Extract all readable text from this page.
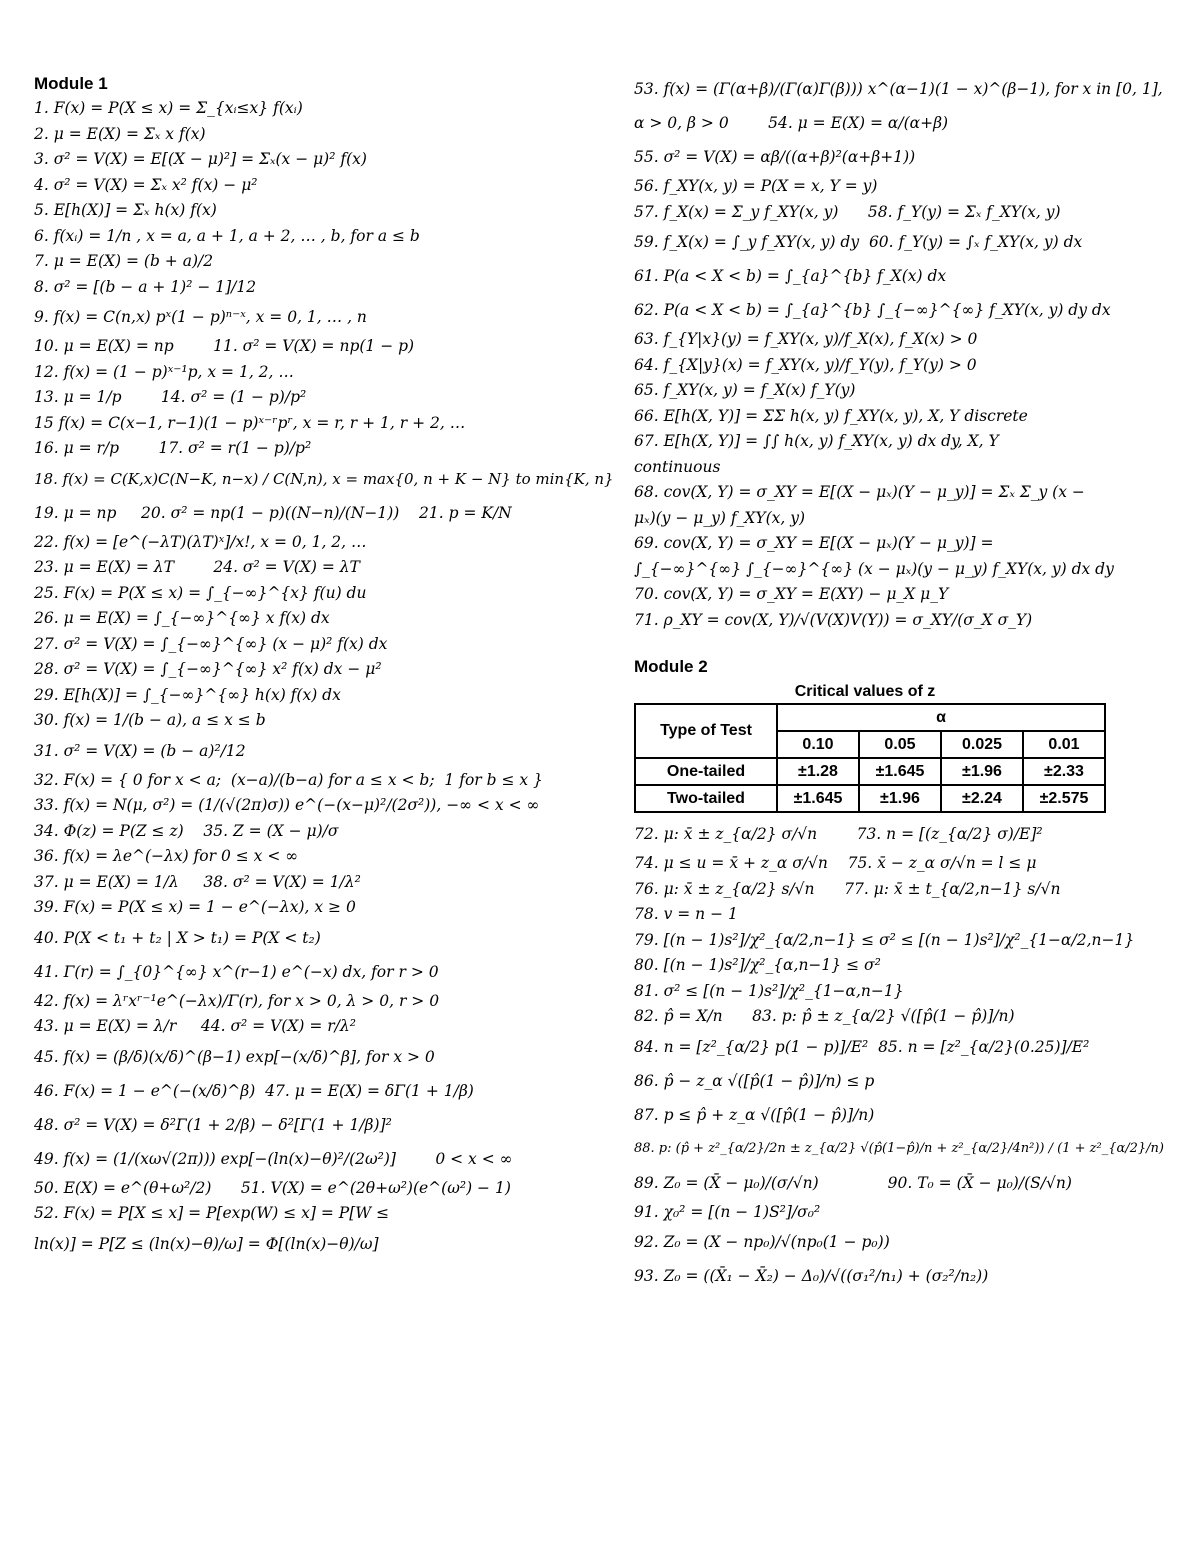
Module 1
1. F(x) = P(X ≤ x) = Σ_{xᵢ≤x} f(xᵢ)
2. μ = E(X) = Σₓ x f(x)
3. σ² = V(X) = E[(X − μ)²] = Σₓ(x − μ)² f(x)
4. σ² = V(X) = Σₓ x² f(x) − μ²
5. E[h(X)] = Σₓ h(x) f(x)
6. f(xᵢ) = 1/n , x = a, a + 1, a + 2, … , b, for a ≤ b
7. μ = E(X) = (b + a)/2
8. σ² = [(b − a + 1)² − 1]/12
9. f(x) = C(n,x) pˣ(1 − p)ⁿ⁻ˣ, x = 0, 1, … , n
10. μ = E(X) = np        11. σ² = V(X) = np(1 − p)
12. f(x) = (1 − p)ˣ⁻¹p, x = 1, 2, …
13. μ = 1/p        14. σ² = (1 − p)/p²
15 f(x) = C(x−1, r−1)(1 − p)ˣ⁻ʳpʳ, x = r, r + 1, r + 2, …
16. μ = r/p        17. σ² = r(1 − p)/p²
18. f(x) = C(K,x)C(N−K, n−x) / C(N,n), x = max{0, n + K − N} to min{K, n}
19. μ = np     20. σ² = np(1 − p)((N−n)/(N−1))    21. p = K/N
22. f(x) = [e^(−λT)(λT)ˣ]/x!, x = 0, 1, 2, …
23. μ = E(X) = λT        24. σ² = V(X) = λT
25. F(x) = P(X ≤ x) = ∫_{−∞}^{x} f(u) du
26. μ = E(X) = ∫_{−∞}^{∞} x f(x) dx
27. σ² = V(X) = ∫_{−∞}^{∞} (x − μ)² f(x) dx
28. σ² = V(X) = ∫_{−∞}^{∞} x² f(x) dx − μ²
29. E[h(X)] = ∫_{−∞}^{∞} h(x) f(x) dx
30. f(x) = 1/(b − a), a ≤ x ≤ b
31. σ² = V(X) = (b − a)²/12
32. F(x) = { 0 for x < a;  (x−a)/(b−a) for a ≤ x < b;  1 for b ≤ x }
33. f(x) = N(μ, σ²) = (1/(√(2π)σ)) e^(−(x−μ)²/(2σ²)), −∞ < x < ∞
34. Φ(z) = P(Z ≤ z)    35. Z = (X − μ)/σ
36. f(x) = λe^(−λx) for 0 ≤ x < ∞
37. μ = E(X) = 1/λ     38. σ² = V(X) = 1/λ²
39. F(x) = P(X ≤ x) = 1 − e^(−λx), x ≥ 0
40. P(X < t₁ + t₂ | X > t₁) = P(X < t₂)
41. Γ(r) = ∫_{0}^{∞} x^(r−1) e^(−x) dx, for r > 0
42. f(x) = λʳxʳ⁻¹e^(−λx)/Γ(r), for x > 0, λ > 0, r > 0
43. μ = E(X) = λ/r     44. σ² = V(X) = r/λ²
45. f(x) = (β/δ)(x/δ)^(β−1) exp[−(x/δ)^β], for x > 0
46. F(x) = 1 − e^(−(x/δ)^β)  47. μ = E(X) = δΓ(1 + 1/β)
48. σ² = V(X) = δ²Γ(1 + 2/β) − δ²[Γ(1 + 1/β)]²
49. f(x) = (1/(xω√(2π))) exp[−(ln(x)−θ)²/(2ω²)]        0 < x < ∞
50. E(X) = e^(θ+ω²/2)      51. V(X) = e^(2θ+ω²)(e^(ω²) − 1)
52. F(x) = P[X ≤ x] = P[exp(W) ≤ x] = P[W ≤
ln(x)] = P[Z ≤ (ln(x)−θ)/ω] = Φ[(ln(x)−θ)/ω]
53. f(x) = (Γ(α+β)/(Γ(α)Γ(β))) x^(α−1)(1 − x)^(β−1), for x in [0, 1],
α > 0, β > 0        54. μ = E(X) = α/(α+β)
55. σ² = V(X) = αβ/((α+β)²(α+β+1))
56. f_XY(x, y) = P(X = x, Y = y)
57. f_X(x) = Σ_y f_XY(x, y)      58. f_Y(y) = Σₓ f_XY(x, y)
59. f_X(x) = ∫_y f_XY(x, y) dy  60. f_Y(y) = ∫ₓ f_XY(x, y) dx
61. P(a < X < b) = ∫_{a}^{b} f_X(x) dx
62. P(a < X < b) = ∫_{a}^{b} ∫_{−∞}^{∞} f_XY(x, y) dy dx
63. f_{Y|x}(y) = f_XY(x, y)/f_X(x), f_X(x) > 0
64. f_{X|y}(x) = f_XY(x, y)/f_Y(y), f_Y(y) > 0
65. f_XY(x, y) = f_X(x) f_Y(y)
66. E[h(X, Y)] = ΣΣ h(x, y) f_XY(x, y), X, Y discrete
67. E[h(X, Y)] = ∫∫ h(x, y) f_XY(x, y) dx dy, X, Y
continuous
68. cov(X, Y) = σ_XY = E[(X − μₓ)(Y − μ_y)] = Σₓ Σ_y (x −
μₓ)(y − μ_y) f_XY(x, y)
69. cov(X, Y) = σ_XY = E[(X − μₓ)(Y − μ_y)] =
∫_{−∞}^{∞} ∫_{−∞}^{∞} (x − μₓ)(y − μ_y) f_XY(x, y) dx dy
70. cov(X, Y) = σ_XY = E(XY) − μ_X μ_Y
71. ρ_XY = cov(X, Y)/√(V(X)V(Y)) = σ_XY/(σ_X σ_Y)
Module 2
Critical values of z
Type of Test	α			
	0.10	0.05	0.025	0.01
One-tailed	±1.28	±1.645	±1.96	±2.33
Two-tailed	±1.645	±1.96	±2.24	±2.575
72. μ: x̄ ± z_{α/2} σ/√n        73. n = [(z_{α/2} σ)/E]²
74. μ ≤ u = x̄ + z_α σ/√n    75. x̄ − z_α σ/√n = l ≤ μ
76. μ: x̄ ± z_{α/2} s/√n      77. μ: x̄ ± t_{α/2,n−1} s/√n
78. v = n − 1
79. [(n − 1)s²]/χ²_{α/2,n−1} ≤ σ² ≤ [(n − 1)s²]/χ²_{1−α/2,n−1}
80. [(n − 1)s²]/χ²_{α,n−1} ≤ σ²
81. σ² ≤ [(n − 1)s²]/χ²_{1−α,n−1}
82. p̂ = X/n      83. p: p̂ ± z_{α/2} √([p̂(1 − p̂)]/n)
84. n = [z²_{α/2} p(1 − p)]/E²  85. n = [z²_{α/2}(0.25)]/E²
86. p̂ − z_α √([p̂(1 − p̂)]/n) ≤ p
87. p ≤ p̂ + z_α √([p̂(1 − p̂)]/n)
88. p: (p̂ + z²_{α/2}/2n ± z_{α/2} √(p̂(1−p̂)/n + z²_{α/2}/4n²)) / (1 + z²_{α/2}/n)
89. Z₀ = (X̄ − μ₀)/(σ/√n)              90. T₀ = (X̄ − μ₀)/(S/√n)
91. χ₀² = [(n − 1)S²]/σ₀²
92. Z₀ = (X − np₀)/√(np₀(1 − p₀))
93. Z₀ = ((X̄₁ − X̄₂) − Δ₀)/√((σ₁²/n₁) + (σ₂²/n₂))
